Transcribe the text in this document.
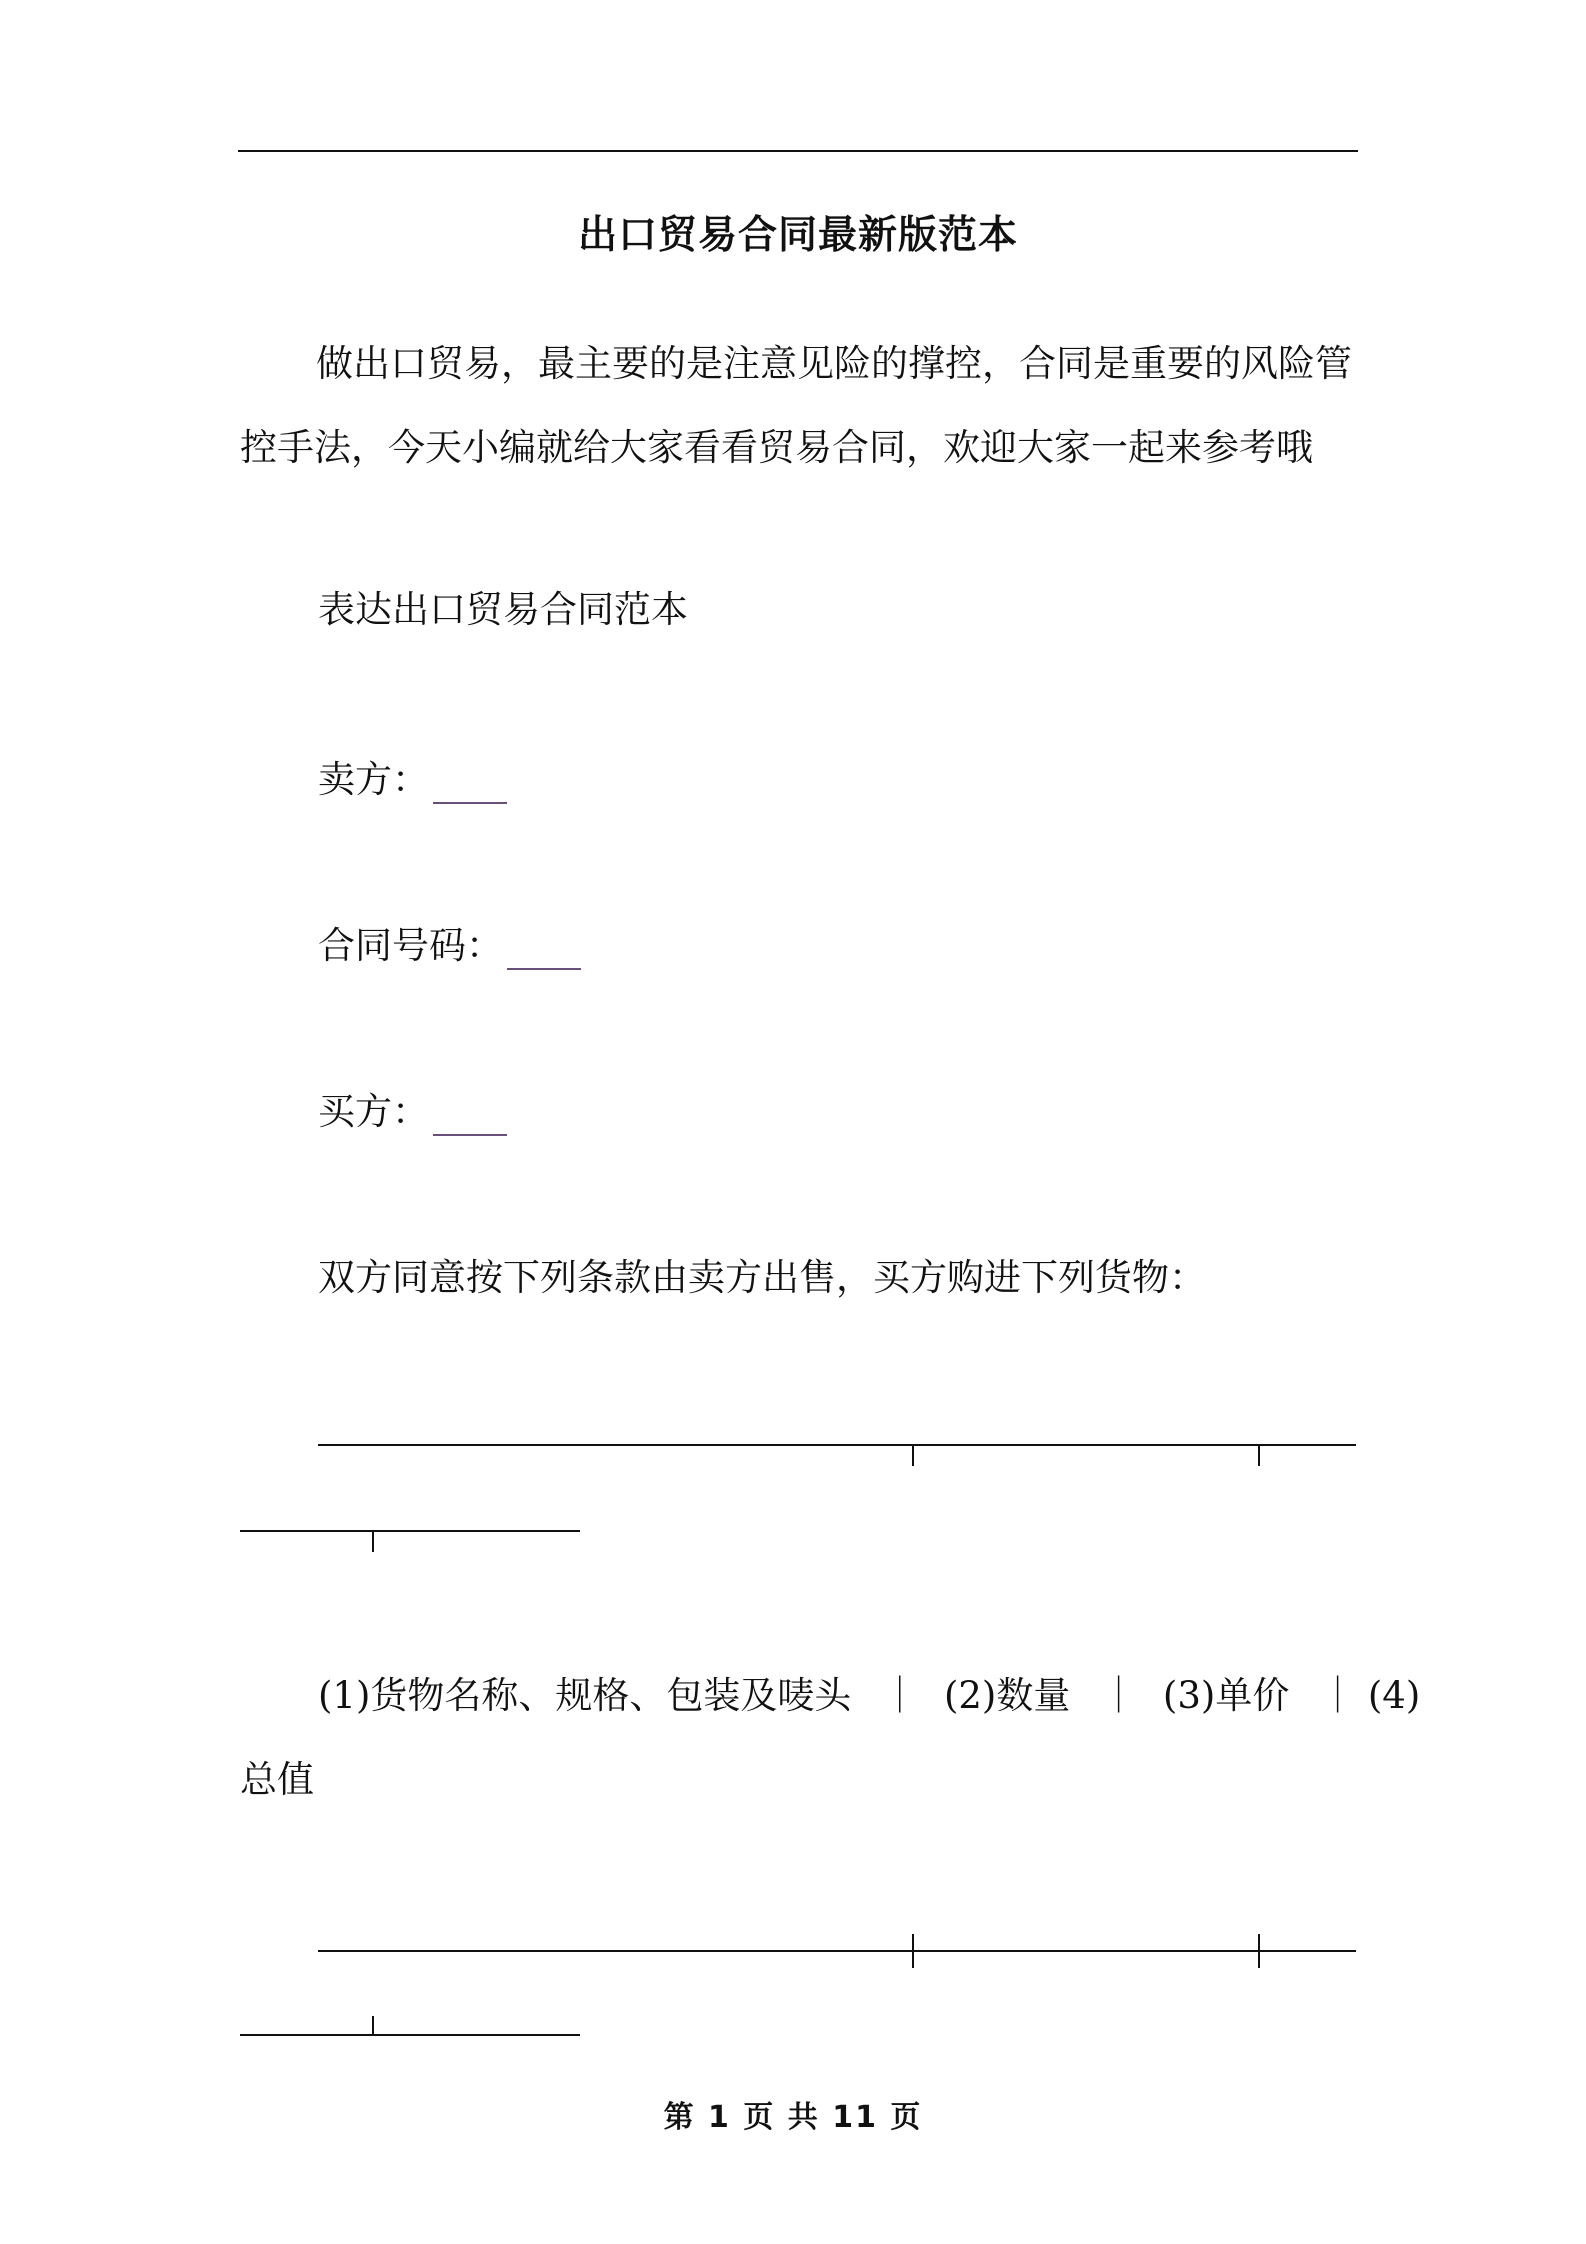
出口贸易合同最新版范本

做出口贸易，最主要的是注意见险的撑控，合同是重要的风险管控手法，今天小编就给大家看看贸易合同，欢迎大家一起来参考哦

表达出口贸易合同范本
卖方：
合同号码：
买方：
双方同意按下列条款由卖方出售，买方购进下列货物：
(1)货物名称、规格、包装及唛头 ｜ (2)数量 ｜ (3)单价 ｜ (4)
总值
第 1 页 共 11 页
